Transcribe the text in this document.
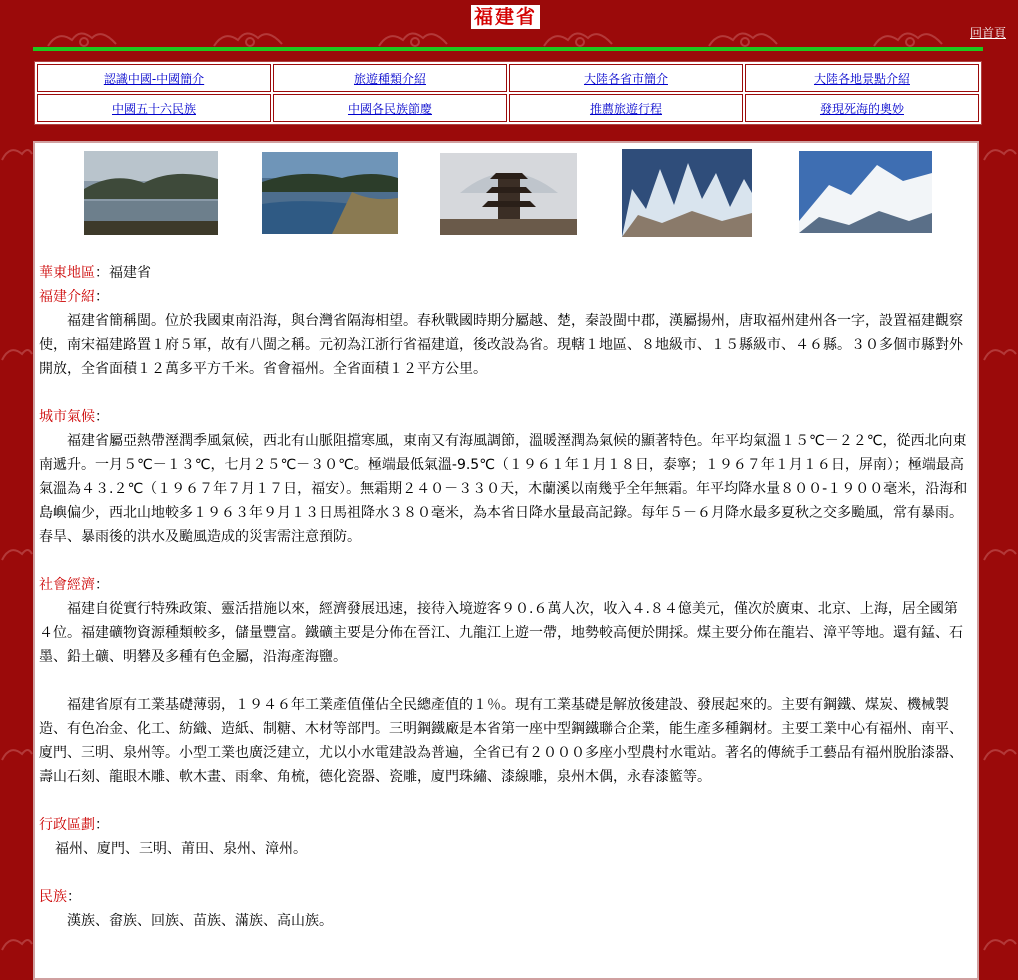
福建省
回首頁
認識中國-中國簡介	旅遊種類介紹	大陸各省市簡介	大陸各地景點介紹
中國五十六民族	中國各民族節慶	推薦旅遊行程	發現死海的奧妙
華東地區：福建省
福建介紹：

福建省簡稱閩。位於我國東南沿海，與台灣省隔海相望。春秋戰國時期分屬越、楚，秦設閩中郡，漢屬揚州，唐取福州建州各一字，設置福建觀察使，南宋福建路置１府５軍，故有八閩之稱。元初為江浙行省福建道，後改設為省。現轄１地區、８地級市、１５縣級市、４６縣。３０多個市縣對外開放，全省面積１２萬多平方千米。省會福州。全省面積１２平方公里。

城市氣候：

福建省屬亞熱帶溼潤季風氣候，西北有山脈阻擋寒風，東南又有海風調節，溫暖溼潤為氣候的顯著特色。年平均氣溫１５℃－２２℃，從西北向東南遞升。一月５℃－１３℃，七月２５℃－３０℃。極端最低氣溫-9.5℃（１９６１年１月１８日，泰寧；１９６７年１月１６日，屏南）；極端最高氣溫為４３.２℃（１９６７年７月１７日，福安）。無霜期２４０－３３０天，木蘭溪以南幾乎全年無霜。年平均降水量８００-１９００毫米，沿海和島嶼偏少，西北山地較多１９６３年９月１３日馬祖降水３８０毫米，為本省日降水量最高記錄。每年５－６月降水最多夏秋之交多颱風，常有暴雨。春旱、暴雨後的洪水及颱風造成的災害需注意預防。

社會經濟：

福建自從實行特殊政策、靈活措施以來，經濟發展迅速，接待入境遊客９０.６萬人次，收入４.８４億美元，僅次於廣東、北京、上海，居全國第４位。福建礦物資源種類較多，儲量豐富。鐵礦主要是分佈在晉江、九龍江上遊一帶，地勢較高便於開採。煤主要分佈在龍岩、漳平等地。還有錳、石墨、鉛土礦、明礬及多種有色金屬，沿海產海鹽。

福建省原有工業基礎薄弱，１９４６年工業產值僅佔全民總產值的１％。現有工業基礎是解放後建設、發展起來的。主要有鋼鐵、煤炭、機械製造、有色冶金、化工、紡織、造紙、制糖、木材等部門。三明鋼鐵廠是本省第一座中型鋼鐵聯合企業，能生產多種鋼材。主要工業中心有福州、南平、廈門、三明、泉州等。小型工業也廣泛建立，尤以小水電建設為普遍，全省已有２０００多座小型農村水電站。著名的傳統手工藝品有福州脫胎漆器、壽山石刻、龍眼木雕、軟木畫、雨傘、角梳，德化瓷器、瓷雕，廈門珠繡、漆線雕，泉州木偶，永春漆籃等。

行政區劃：
福州、廈門、三明、莆田、泉州、漳州。
民族：

漢族、畲族、回族、苗族、滿族、高山族。
